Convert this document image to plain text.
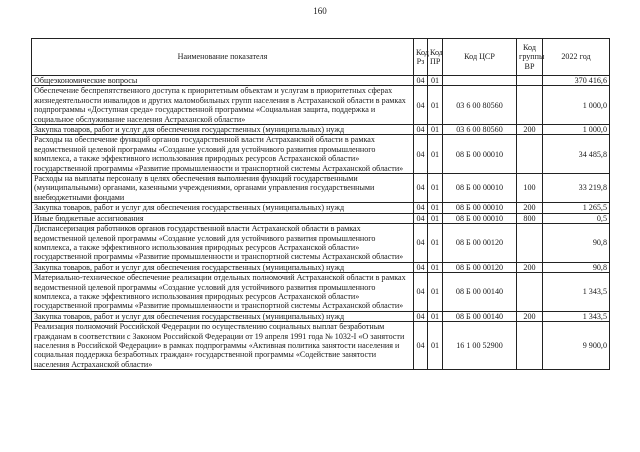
160
Наименование показателя	Код Рз	Код ПР	Код ЦСР	Код группы ВР	2022 год
Общеэкономические вопросы	04	01			370 416,6
Обеспечение беспрепятственного доступа к приоритетным объектам и услугам в приоритетных сферах жизнедеятельности инвалидов и других маломобильных групп населения в Астраханской области в рамках подпрограммы «Доступная среда» государственной программы «Социальная защита, поддержка и социальное обслуживание населения Астраханской области»	04	01	03 6 00 80560		1 000,0
Закупка товаров, работ и услуг для обеспечения государственных (муниципальных) нужд	04	01	03 6 00 80560	200	1 000,0
Расходы на обеспечение функций органов государственной власти Астраханской области в рамках ведомственной целевой программы «Создание условий для устойчивого развития промышленного комплекса, а также эффективного использования природных ресурсов Астраханской области» государственной программы «Развитие промышленности и транспортной системы Астраханской области»	04	01	08 Б 00 00010		34 485,8
Расходы на выплаты персоналу в целях обеспечения выполнения функций государственными (муниципальными) органами, казенными учреждениями, органами управления государственными внебюджетными фондами	04	01	08 Б 00 00010	100	33 219,8
Закупка товаров, работ и услуг для обеспечения государственных (муниципальных) нужд	04	01	08 Б 00 00010	200	1 265,5
Иные бюджетные ассигнования	04	01	08 Б 00 00010	800	0,5
Диспансеризация работников органов государственной власти Астраханской области в рамках ведомственной целевой программы «Создание условий для устойчивого развития промышленного комплекса, а также эффективного использования природных ресурсов Астраханской области» государственной программы «Развитие промышленности и транспортной системы Астраханской области»	04	01	08 Б 00 00120		90,8
Закупка товаров, работ и услуг для обеспечения государственных (муниципальных) нужд	04	01	08 Б 00 00120	200	90,8
Материально-техническое обеспечение реализации отдельных полномочий Астраханской области в рамках ведомственной целевой программы «Создание условий для устойчивого развития промышленного комплекса, а также эффективного использования природных ресурсов Астраханской области» государственной программы «Развитие промышленности и транспортной системы Астраханской области»	04	01	08 Б 00 00140		1 343,5
Закупка товаров, работ и услуг для обеспечения государственных (муниципальных) нужд	04	01	08 Б 00 00140	200	1 343,5
Реализация полномочий Российской Федерации по осуществлению социальных выплат безработным гражданам в соответствии с Законом Российской Федерации от 19 апреля 1991 года № 1032-I «О занятости населения в Российской Федерации» в рамках подпрограммы «Активная политика занятости населения и социальная поддержка безработных граждан» государственной программы «Содействие занятости населения Астраханской области»	04	01	16 1 00 52900		9 900,0
